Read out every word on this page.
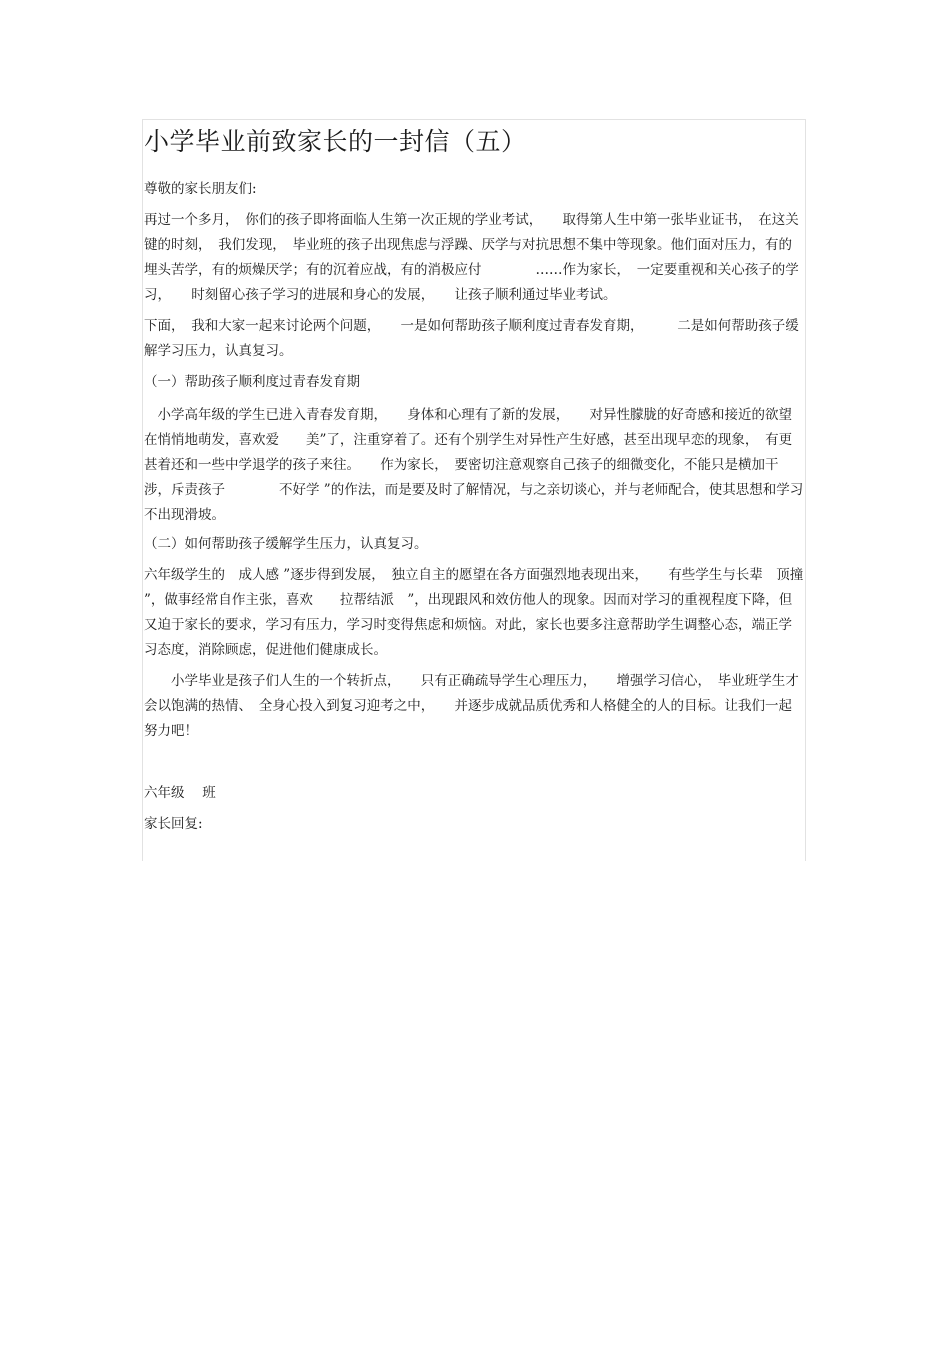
小学毕业前致家长的一封信（五）

尊敬的家长朋友们:

再过一个多月，　你们的孩子即将面临人生第一次正规的学业考试，　　取得第人生中第一张毕业证书，　在这关键的时刻，　我们发现，　毕业班的孩子出现焦虑与浮躁、厌学与对抗思想不集中等现象。他们面对压力，有的埋头苦学，有的烦燥厌学；有的沉着应战，有的消极应付　　　　……作为家长，　一定要重视和关心孩子的学习，　　时刻留心孩子学习的进展和身心的发展，　　让孩子顺利通过毕业考试。

下面，　我和大家一起来讨论两个问题，　　一是如何帮助孩子顺利度过青春发育期，　　　二是如何帮助孩子缓解学习压力，认真复习。

（一）帮助孩子顺利度过青春发育期

　小学高年级的学生已进入青春发育期，　　身体和心理有了新的发展，　　对异性朦胧的好奇感和接近的欲望在悄悄地萌发，喜欢爱　　美”了，注重穿着了。还有个别学生对异性产生好感，甚至出现早恋的现象，　有更甚着还和一些中学退学的孩子来往。　　作为家长，　要密切注意观察自己孩子的细微变化，不能只是横加干涉，斥责孩子　　　　不好学 ”的作法，而是要及时了解情况，与之亲切谈心，并与老师配合，使其思想和学习不出现滑坡。

（二）如何帮助孩子缓解学生压力，认真复习。

六年级学生的　成人感 ”逐步得到发展，　独立自主的愿望在各方面强烈地表现出来，　　有些学生与长辈　顶撞 ”，做事经常自作主张，喜欢　　拉帮结派　”，出现跟风和效仿他人的现象。因而对学习的重视程度下降，但又迫于家长的要求，学习有压力，学习时变得焦虑和烦恼。对此，家长也要多注意帮助学生调整心态，端正学习态度，消除顾虑，促进他们健康成长。

　　小学毕业是孩子们人生的一个转折点，　　只有正确疏导学生心理压力，　　增强学习信心，　毕业班学生才会以饱满的热情、　全身心投入到复习迎考之中，　　并逐步成就品质优秀和人格健全的人的目标。让我们一起努力吧！

六年级　 班

家长回复:
